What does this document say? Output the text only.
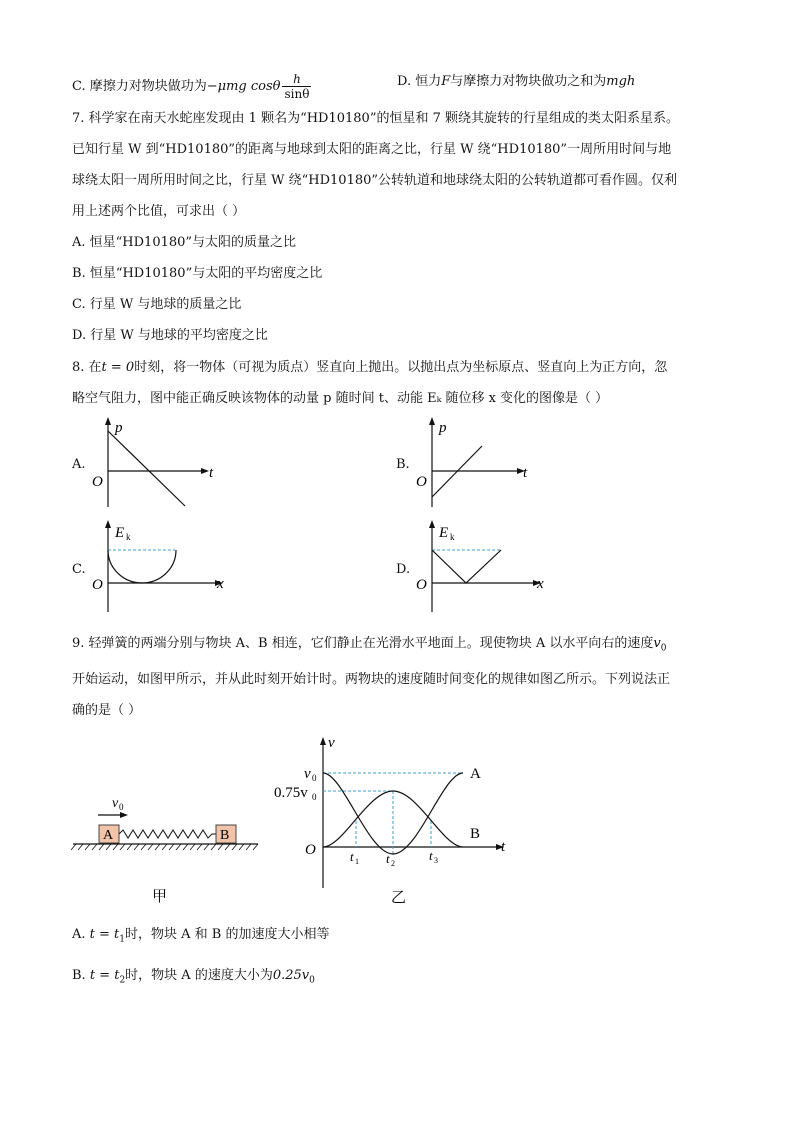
C. 摩擦力对物块做功为−μmg cosθ $\frac{h}{\sin\theta}$	D. 恒力F与摩擦力对物块做功之和为mgh
7. 科学家在南天水蛇座发现由 1 颗名为“HD10180”的恒星和 7 颗绕其旋转的行星组成的类太阳系星系。
已知行星 W 到“HD10180”的距离与地球到太阳的距离之比，行星 W 绕“HD10180”一周所用时间与地
球绕太阳一周所用时间之比，行星 W 绕“HD10180”公转轨道和地球绕太阳的公转轨道都可看作圆。仅利
用上述两个比值，可求出（ ）
A. 恒星“HD10180”与太阳的质量之比
B. 恒星“HD10180”与太阳的平均密度之比
C. 行星 W 与地球的质量之比
D. 行星 W 与地球的平均密度之比
8. 在t = 0时刻，将一物体（可视为质点）竖直向上抛出。以抛出点为坐标原点、竖直向上为正方向，忽
略空气阻力，图中能正确反映该物体的动量 p 随时间 t、动能 Eₖ 随位移 x 变化的图像是（ ）
A.
p
t
O
B.
p
t
O
C.
E k
x
O
D.
E k
x
O
9. 轻弹簧的两端分别与物块 A、B 相连，它们静止在光滑水平地面上。现使物块 A 以水平向右的速度$v_0$
开始运动，如图甲所示，并从此时刻开始计时。两物块的速度随时间变化的规律如图乙所示。下列说法正
确的是（ ）
v 0
A	B
甲
v
t
O
v 0
0.75v 0
A
B
t 1 t 2
t 3
乙
A. $t = t_1$时，物块 A 和 B 的加速度大小相等
B. $t = t_2$时，物块 A 的速度大小为$0.25v_0$
